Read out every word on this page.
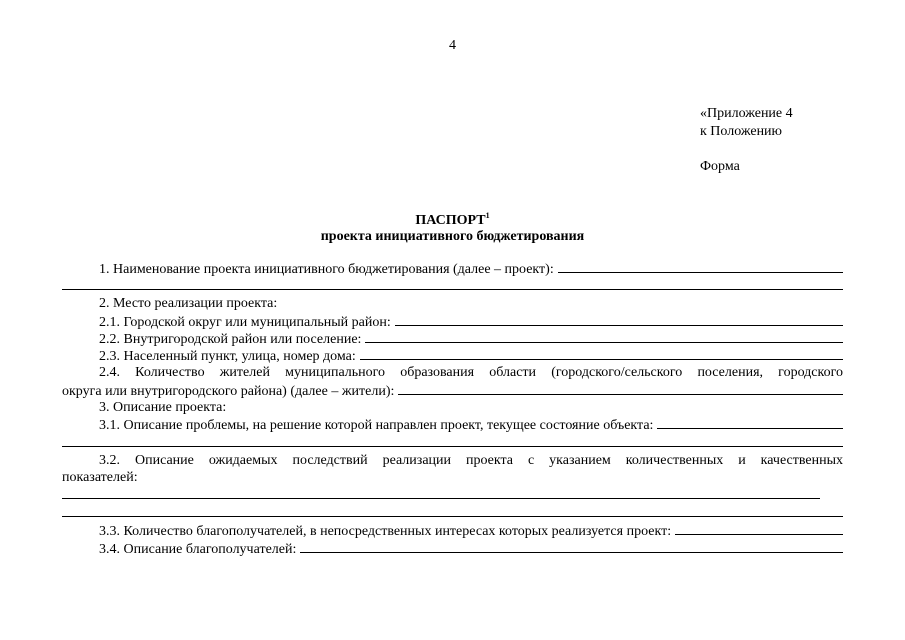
4
«Приложение 4
к Положению
Форма
ПАСПОРТ$^1$
проекта инициативного бюджетирования
1. Наименование проекта инициативного бюджетирования (далее – проект):
2. Место реализации проекта:
2.1. Городской округ или муниципальный район:
2.2. Внутригородской район или поселение:
2.3. Населенный пункт, улица, номер дома:
2.4. Количество жителей муниципального образования области (городского/сельского поселения, городского
округа или внутригородского района) (далее – жители):
3. Описание проекта:
3.1. Описание проблемы, на решение которой направлен проект, текущее состояние объекта:
3.2. Описание ожидаемых последствий реализации проекта с указанием количественных и качественных
показателей:
3.3. Количество благополучателей, в непосредственных интересах которых реализуется проект:
3.4. Описание благополучателей:
